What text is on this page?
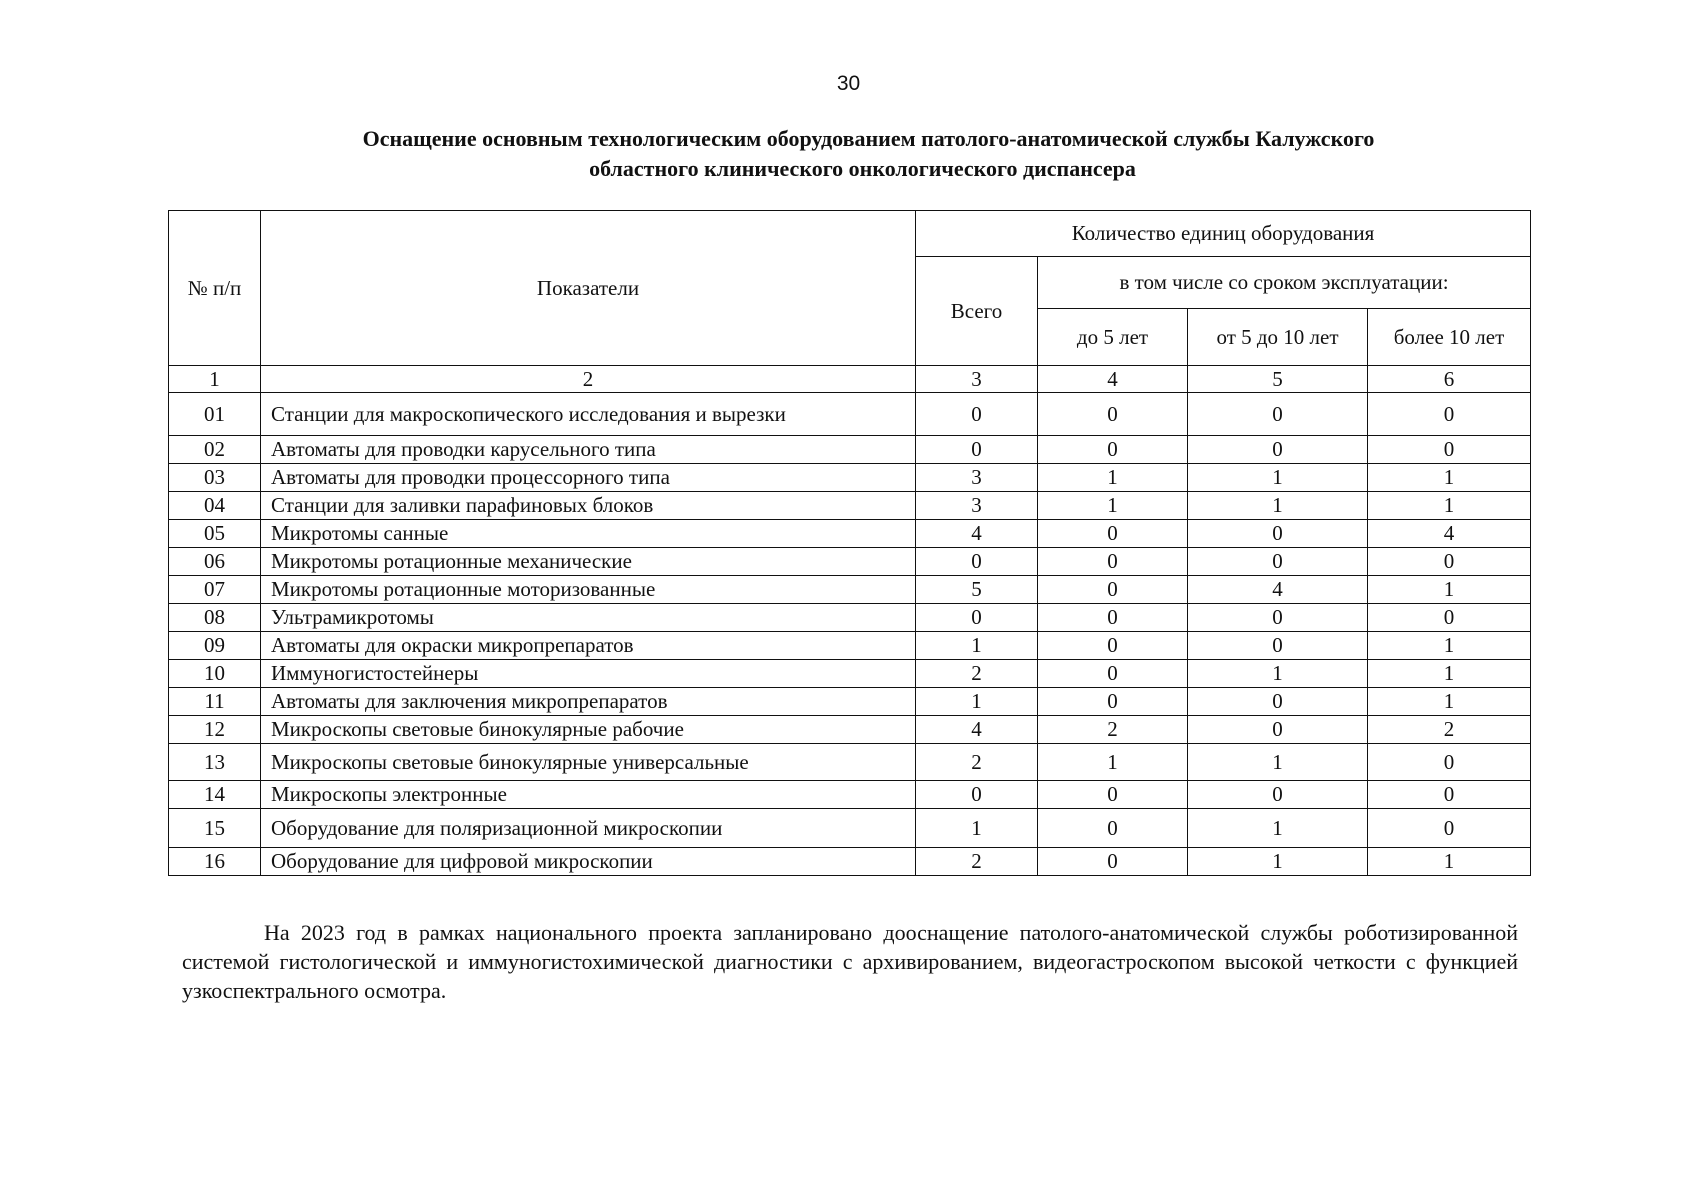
30
Оснащение основным технологическим оборудованием патолого-анатомической службы Калужского
областного клинического онкологического диспансера
№ п/п	Показатели	Количество единиц оборудования			
		Всего	в том числе со сроком эксплуатации:		
			до 5 лет	от 5 до 10 лет	более 10 лет
1	2	3	4	5	6
01	Станции для макроскопического исследования и вырезки	0	0	0	0
02	Автоматы для проводки карусельного типа	0	0	0	0
03	Автоматы для проводки процессорного типа	3	1	1	1
04	Станции для заливки парафиновых блоков	3	1	1	1
05	Микротомы санные	4	0	0	4
06	Микротомы ротационные механические	0	0	0	0
07	Микротомы ротационные моторизованные	5	0	4	1
08	Ультрамикротомы	0	0	0	0
09	Автоматы для окраски микропрепаратов	1	0	0	1
10	Иммуногистостейнеры	2	0	1	1
11	Автоматы для заключения микропрепаратов	1	0	0	1
12	Микроскопы световые бинокулярные рабочие	4	2	0	2
13	Микроскопы световые бинокулярные универсальные	2	1	1	0
14	Микроскопы электронные	0	0	0	0
15	Оборудование для поляризационной микроскопии	1	0	1	0
16	Оборудование для цифровой микроскопии	2	0	1	1
На 2023 год в рамках национального проекта запланировано дооснащение патолого-анатомической службы роботизированной системой гистологической и иммуногистохимической диагностики с архивированием, видеогастроскопом высокой четкости с функцией узкоспектрального осмотра.
